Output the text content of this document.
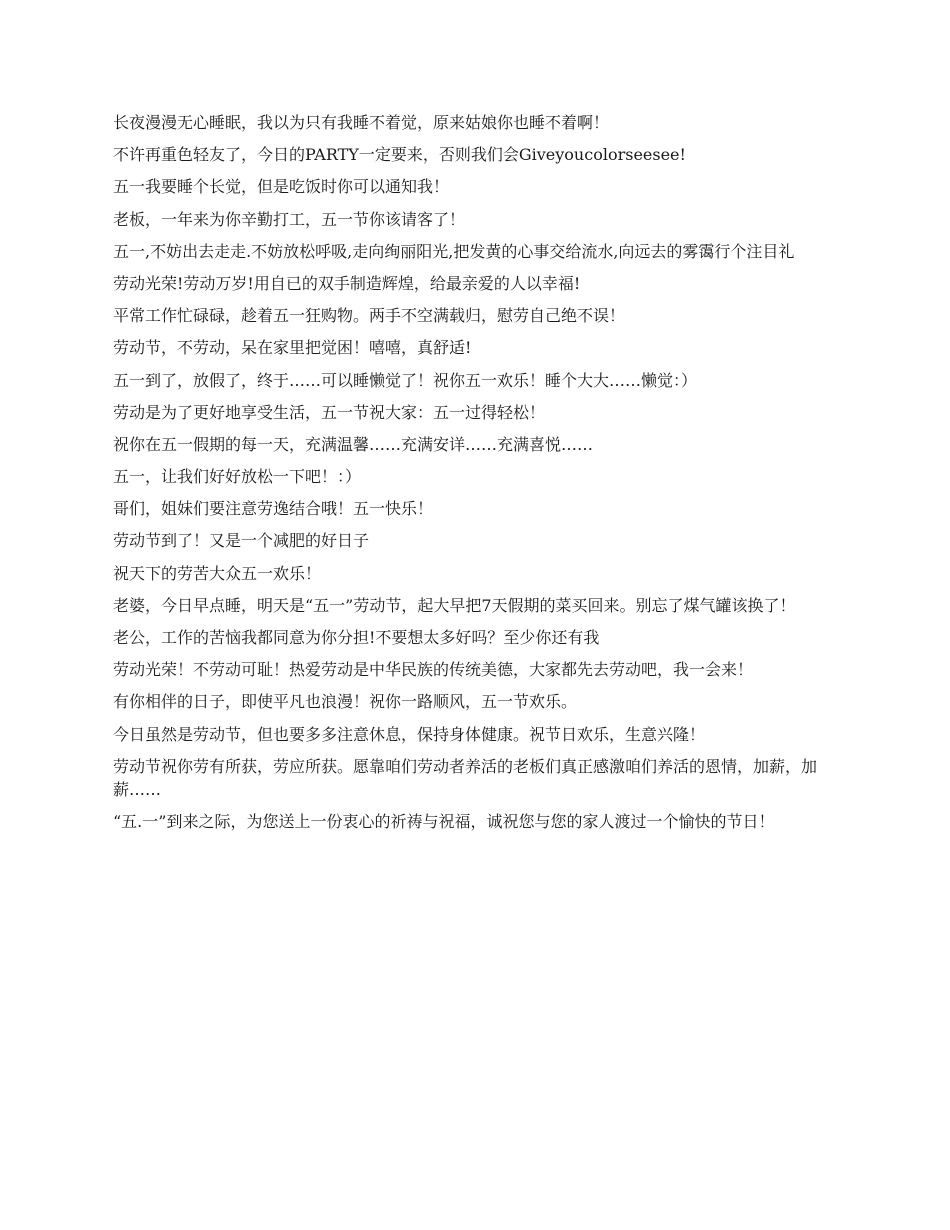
长夜漫漫无心睡眠，我以为只有我睡不着觉，原来姑娘你也睡不着啊！

不许再重色轻友了，今日的PARTY一定要来，否则我们会Giveyoucolorseesee!

五一我要睡个长觉，但是吃饭时你可以通知我！

老板，一年来为你辛勤打工，五一节你该请客了！

五一,不妨出去走走.不妨放松呼吸,走向绚丽阳光,把发黄的心事交给流水,向远去的雾霭行个注目礼

劳动光荣!劳动万岁!用自已的双手制造辉煌，给最亲爱的人以幸福!

平常工作忙碌碌，趁着五一狂购物。两手不空满载归，慰劳自己绝不误！

劳动节，不劳动，呆在家里把觉困！嘻嘻，真舒适!

五一到了，放假了，终于……可以睡懒觉了！祝你五一欢乐！睡个大大……懒觉：）

劳动是为了更好地享受生活，五一节祝大家：五一过得轻松！

祝你在五一假期的每一天，充满温馨……充满安详……充满喜悦……

五一，让我们好好放松一下吧！：）

哥们，姐妹们要注意劳逸结合哦！五一快乐！

劳动节到了！又是一个减肥的好日子

祝天下的劳苦大众五一欢乐！

老婆，今日早点睡，明天是“五一”劳动节，起大早把7天假期的菜买回来。别忘了煤气罐该换了！

老公，工作的苦恼我都同意为你分担!不要想太多好吗？至少你还有我

劳动光荣！不劳动可耻！热爱劳动是中华民族的传统美德，大家都先去劳动吧，我一会来！

有你相伴的日子，即使平凡也浪漫！祝你一路顺风，五一节欢乐。

今日虽然是劳动节，但也要多多注意休息，保持身体健康。祝节日欢乐，生意兴隆！

劳动节祝你劳有所获，劳应所获。愿靠咱们劳动者养活的老板们真正感激咱们养活的恩情，加薪，加薪……

“五.一”到来之际，为您送上一份衷心的祈祷与祝福，诚祝您与您的家人渡过一个愉快的节日！
